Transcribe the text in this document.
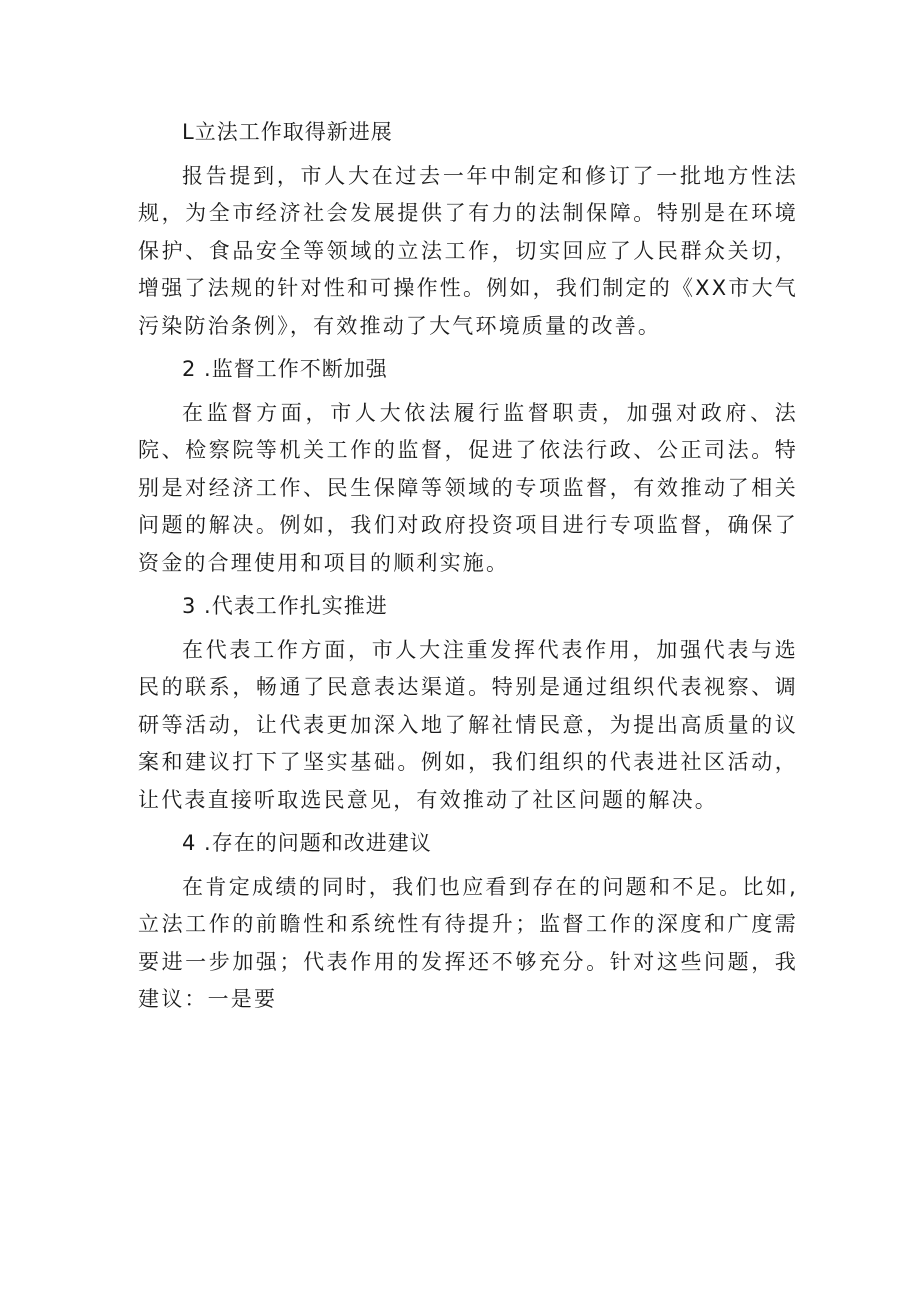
L立法工作取得新进展

报告提到，市人大在过去一年中制定和修订了一批地方性法规，为全市经济社会发展提供了有力的法制保障。特别是在环境保护、食品安全等领域的立法工作，切实回应了人民群众关切，增强了法规的针对性和可操作性。例如，我们制定的《XX市大气污染防治条例》，有效推动了大气环境质量的改善。

2 .监督工作不断加强

在监督方面，市人大依法履行监督职责，加强对政府、法院、检察院等机关工作的监督，促进了依法行政、公正司法。特别是对经济工作、民生保障等领域的专项监督，有效推动了相关问题的解决。例如，我们对政府投资项目进行专项监督，确保了资金的合理使用和项目的顺利实施。

3 .代表工作扎实推进

在代表工作方面，市人大注重发挥代表作用，加强代表与选民的联系，畅通了民意表达渠道。特别是通过组织代表视察、调研等活动，让代表更加深入地了解社情民意，为提出高质量的议案和建议打下了坚实基础。例如，我们组织的代表进社区活动，让代表直接听取选民意见，有效推动了社区问题的解决。

4 .存在的问题和改进建议

在肯定成绩的同时，我们也应看到存在的问题和不足。比如,立法工作的前瞻性和系统性有待提升；监督工作的深度和广度需要进一步加强；代表作用的发挥还不够充分。针对这些问题，我建议：一是要
